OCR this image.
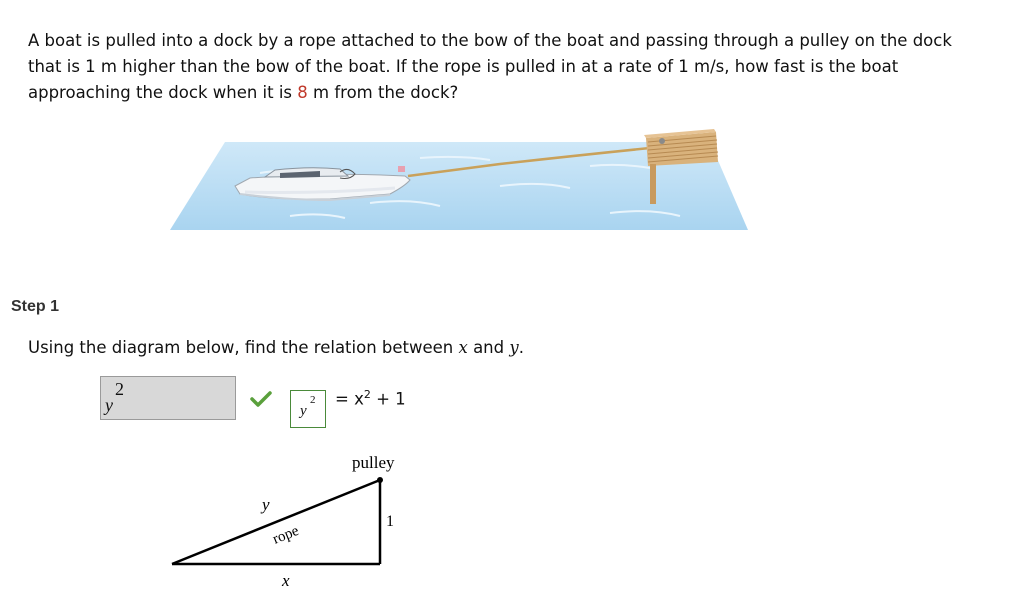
A boat is pulled into a dock by a rope attached to the bow of the boat and passing through a pulley on the dock that is 1 m higher than the bow of the boat. If the rope is pulled in at a rate of 1 m/s, how fast is the boat approaching the dock when it is 8 m from the dock?
Step 1
Using the diagram below, find the relation between x and y.
y
2
y
$2 = x^2 + 1$
pulley
y
rope
1
x
